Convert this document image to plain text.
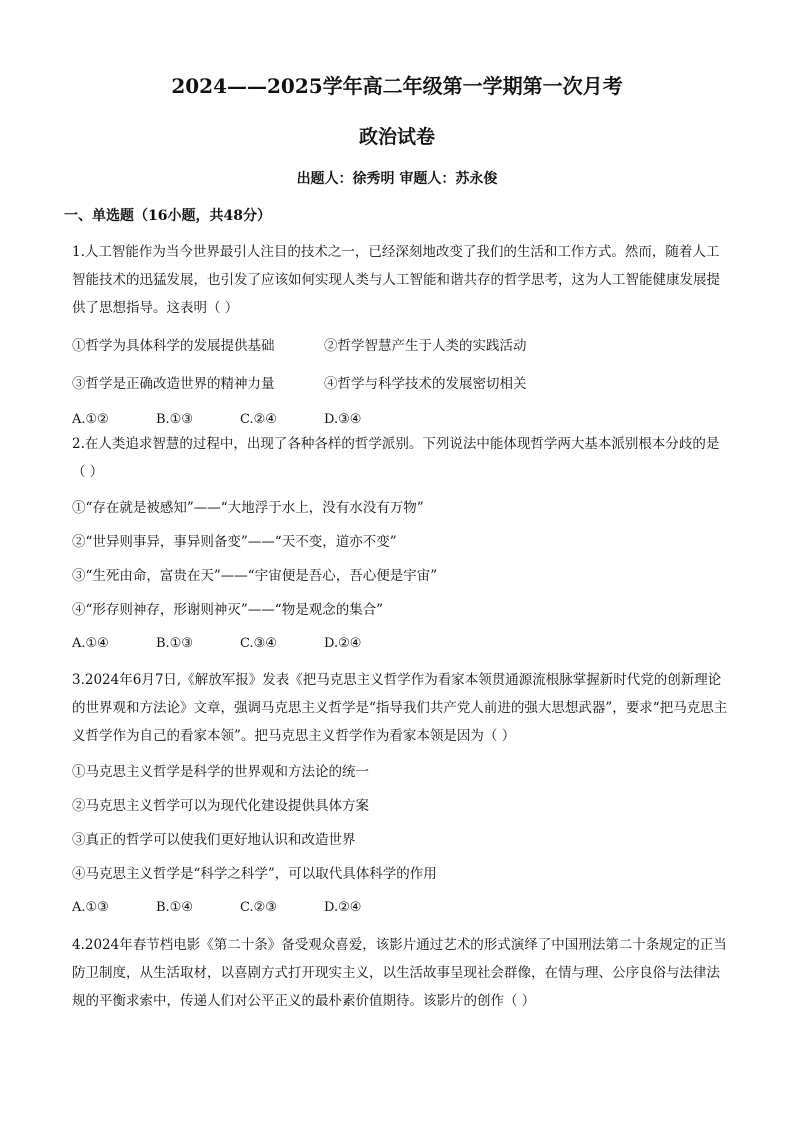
2024——2025学年高二年级第一学期第一次月考
政治试卷
出题人：徐秀明 审题人：苏永俊
一、单选题（16小题，共48分）

1.人工智能作为当今世界最引人注目的技术之一，已经深刻地改变了我们的生活和工作方式。然而，随着人工智能技术的迅猛发展，也引发了应该如何实现人类与人工智能和谐共存的哲学思考，这为人工智能健康发展提供了思想指导。这表明（ ）

①哲学为具体科学的发展提供基础	②哲学智慧产生于人类的实践活动
③哲学是正确改造世界的精神力量	④哲学与科学技术的发展密切相关
A.①②	B.①③	C.②④	D.③④

2.在人类追求智慧的过程中，出现了各种各样的哲学派别。下列说法中能体现哲学两大基本派别根本分歧的是（ ）

①“存在就是被感知”——“大地浮于水上，没有水没有万物”

②“世异则事异，事异则备变”——“天不变，道亦不变”

③“生死由命，富贵在天”——“宇宙便是吾心，吾心便是宇宙”

④“形存则神存，形谢则神灭”——“物是观念的集合”

A.①④	B.①③	C.③④	D.②④

3.2024年6月7日,《解放军报》发表《把马克思主义哲学作为看家本领贯通源流根脉掌握新时代党的创新理论的世界观和方法论》文章，强调马克思主义哲学是“指导我们共产党人前进的强大思想武器”，要求“把马克思主义哲学作为自己的看家本领”。把马克思主义哲学作为看家本领是因为（ ）

①马克思主义哲学是科学的世界观和方法论的统一

②马克思主义哲学可以为现代化建设提供具体方案

③真正的哲学可以使我们更好地认识和改造世界

④马克思主义哲学是“科学之科学”，可以取代具体科学的作用

A.①③	B.①④	C.②③	D.②④

4.2024年春节档电影《第二十条》备受观众喜爱，该影片通过艺术的形式演绎了中国刑法第二十条规定的正当防卫制度，从生活取材，以喜剧方式打开现实主义，以生活故事呈现社会群像，在情与理、公序良俗与法律法规的平衡求索中，传递人们对公平正义的最朴素价值期待。该影片的创作（ ）
